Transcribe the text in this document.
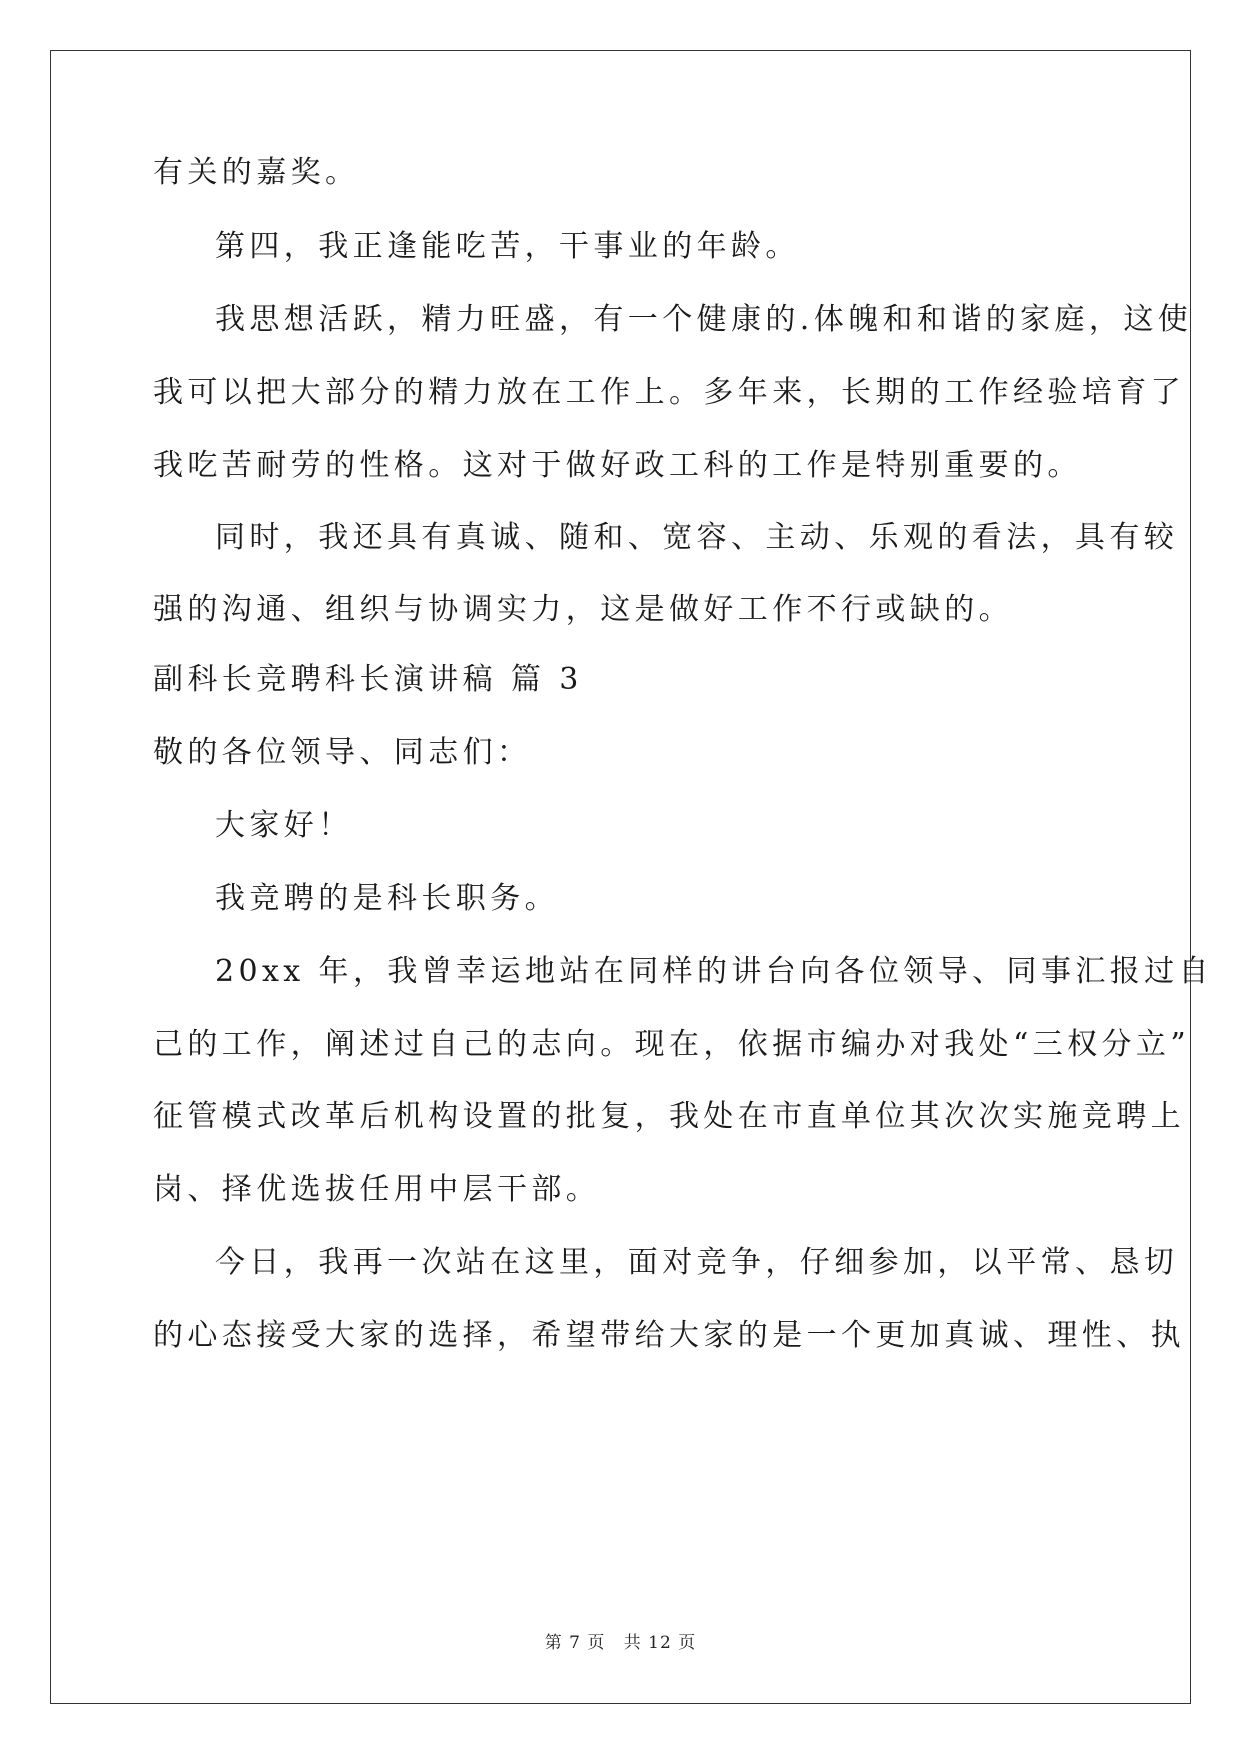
有关的嘉奖。
第四，我正逢能吃苦，干事业的年龄。
我思想活跃，精力旺盛，有一个健康的.体魄和和谐的家庭，这使
我可以把大部分的精力放在工作上。多年来，长期的工作经验培育了
我吃苦耐劳的性格。这对于做好政工科的工作是特别重要的。
同时，我还具有真诚、随和、宽容、主动、乐观的看法，具有较
强的沟通、组织与协调实力，这是做好工作不行或缺的。
副科长竞聘科长演讲稿 篇 3
敬的各位领导、同志们：
大家好！
我竞聘的是科长职务。
20xx 年，我曾幸运地站在同样的讲台向各位领导、同事汇报过自
己的工作，阐述过自己的志向。现在，依据市编办对我处“三权分立”
征管模式改革后机构设置的批复，我处在市直单位其次次实施竞聘上
岗、择优选拔任用中层干部。
今日，我再一次站在这里，面对竞争，仔细参加，以平常、恳切
的心态接受大家的选择，希望带给大家的是一个更加真诚、理性、执
第 7 页 共 12 页
